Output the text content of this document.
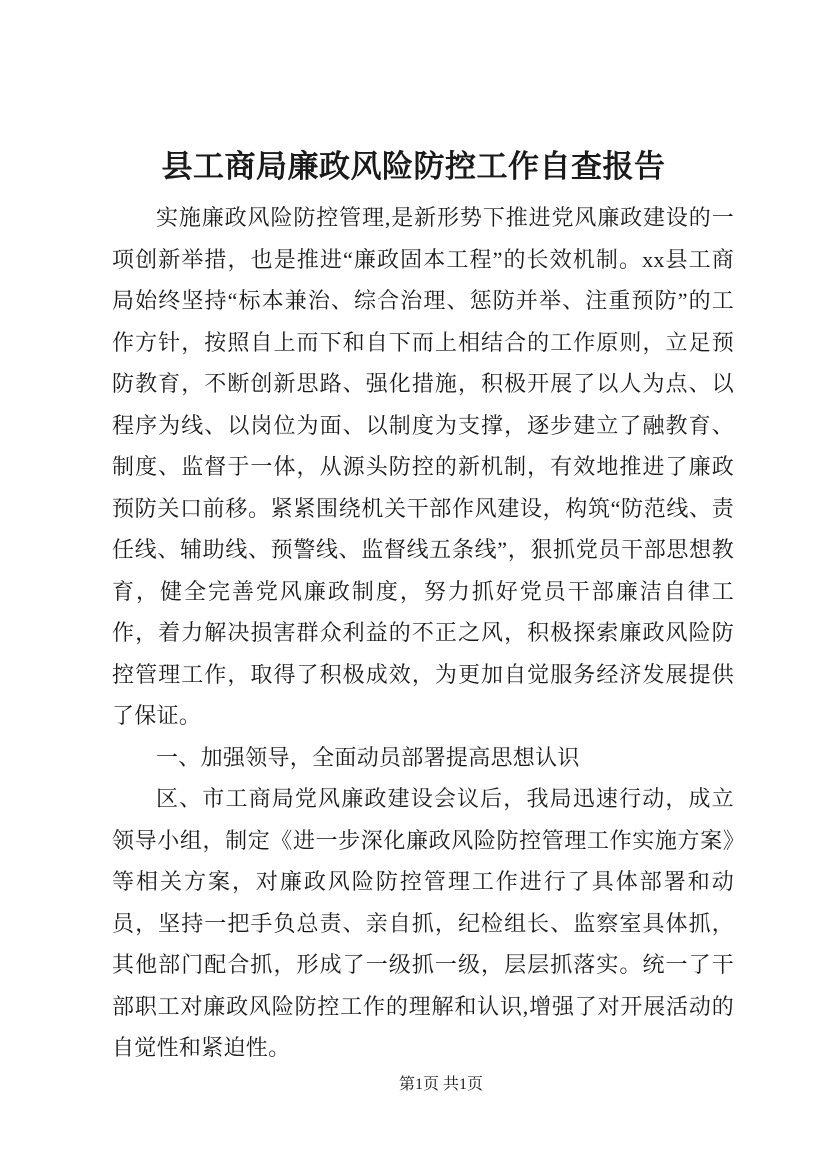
县工商局廉政风险防控工作自查报告

实施廉政风险防控管理,是新形势下推进党风廉政建设的一项创新举措，也是推进“廉政固本工程”的长效机制。xx县工商局始终坚持“标本兼治、综合治理、惩防并举、注重预防”的工作方针，按照自上而下和自下而上相结合的工作原则，立足预防教育，不断创新思路、强化措施，积极开展了以人为点、以程序为线、以岗位为面、以制度为支撑，逐步建立了融教育、制度、监督于一体，从源头防控的新机制，有效地推进了廉政预防关口前移。紧紧围绕机关干部作风建设，构筑“防范线、责任线、辅助线、预警线、监督线五条线”，狠抓党员干部思想教育，健全完善党风廉政制度，努力抓好党员干部廉洁自律工作，着力解决损害群众利益的不正之风，积极探索廉政风险防控管理工作，取得了积极成效，为更加自觉服务经济发展提供了保证。

一、加强领导，全面动员部署提高思想认识

区、市工商局党风廉政建设会议后，我局迅速行动，成立领导小组，制定《进一步深化廉政风险防控管理工作实施方案》等相关方案，对廉政风险防控管理工作进行了具体部署和动员，坚持一把手负总责、亲自抓，纪检组长、监察室具体抓，其他部门配合抓，形成了一级抓一级，层层抓落实。统一了干部职工对廉政风险防控工作的理解和认识,增强了对开展活动的自觉性和紧迫性。

第1页 共1页
